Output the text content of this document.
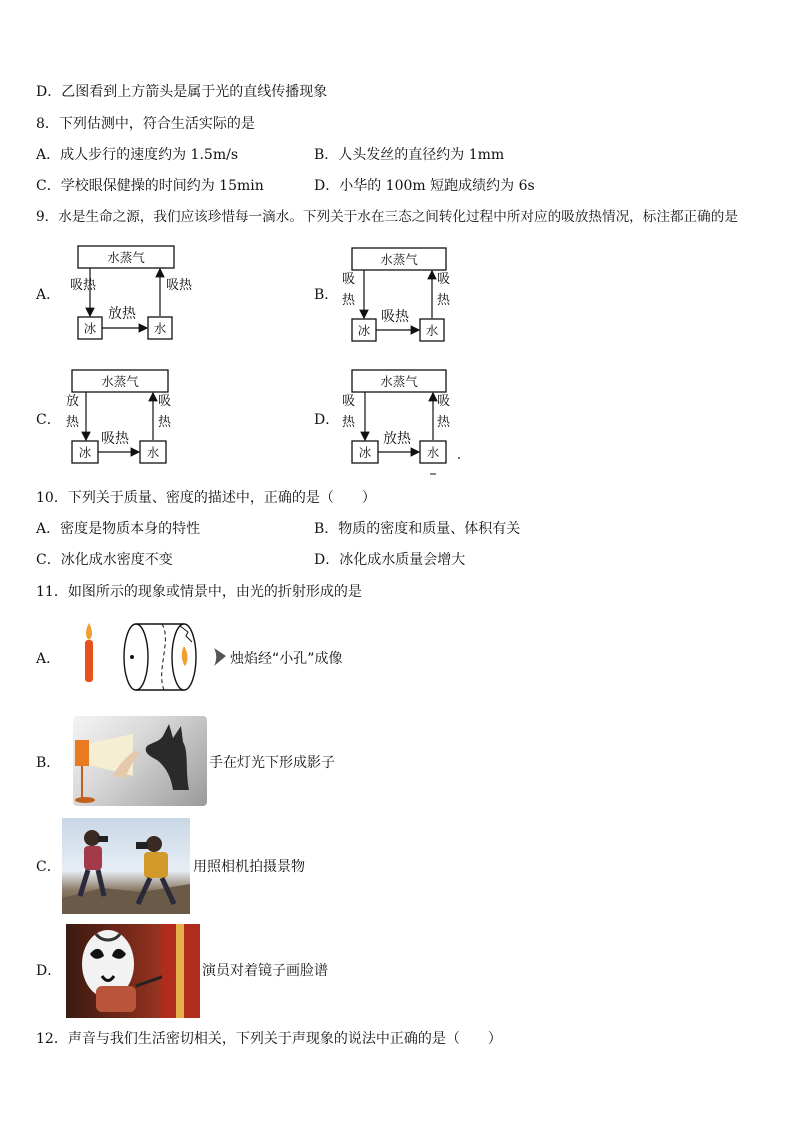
D．乙图看到上方箭头是属于光的直线传播现象
8．下列估测中，符合生活实际的是
A．成人步行的速度约为 1.5m/s	B．人头发丝的直径约为 1mm
C．学校眼保健操的时间约为 15min	D．小华的 100m 短跑成绩约为 6s
9．水是生命之源，我们应该珍惜每一滴水。下列关于水在三态之间转化过程中所对应的吸放热情况，标注都正确的是
A．	B．
C．	D．
水蒸气
冰	水
吸热	吸热
放热
水蒸气
冰	水
吸热
吸热
吸热
水蒸气
冰	水
放热
吸热
吸热
水蒸气
冰	水
吸热
吸热
放热
10．下列关于质量、密度的描述中，正确的是（　　）
A．密度是物质本身的特性	B．物质的密度和质量、体积有关
C．冰化成水密度不变	D．冰化成水质量会增大
11．如图所示的现象或情景中，由光的折射形成的是
A．	烛焰经“小孔”成像
B．	手在灯光下形成影子
C．	用照相机拍摄景物
D．	演员对着镜子画脸谱
12．声音与我们生活密切相关，下列关于声现象的说法中正确的是（　　）
